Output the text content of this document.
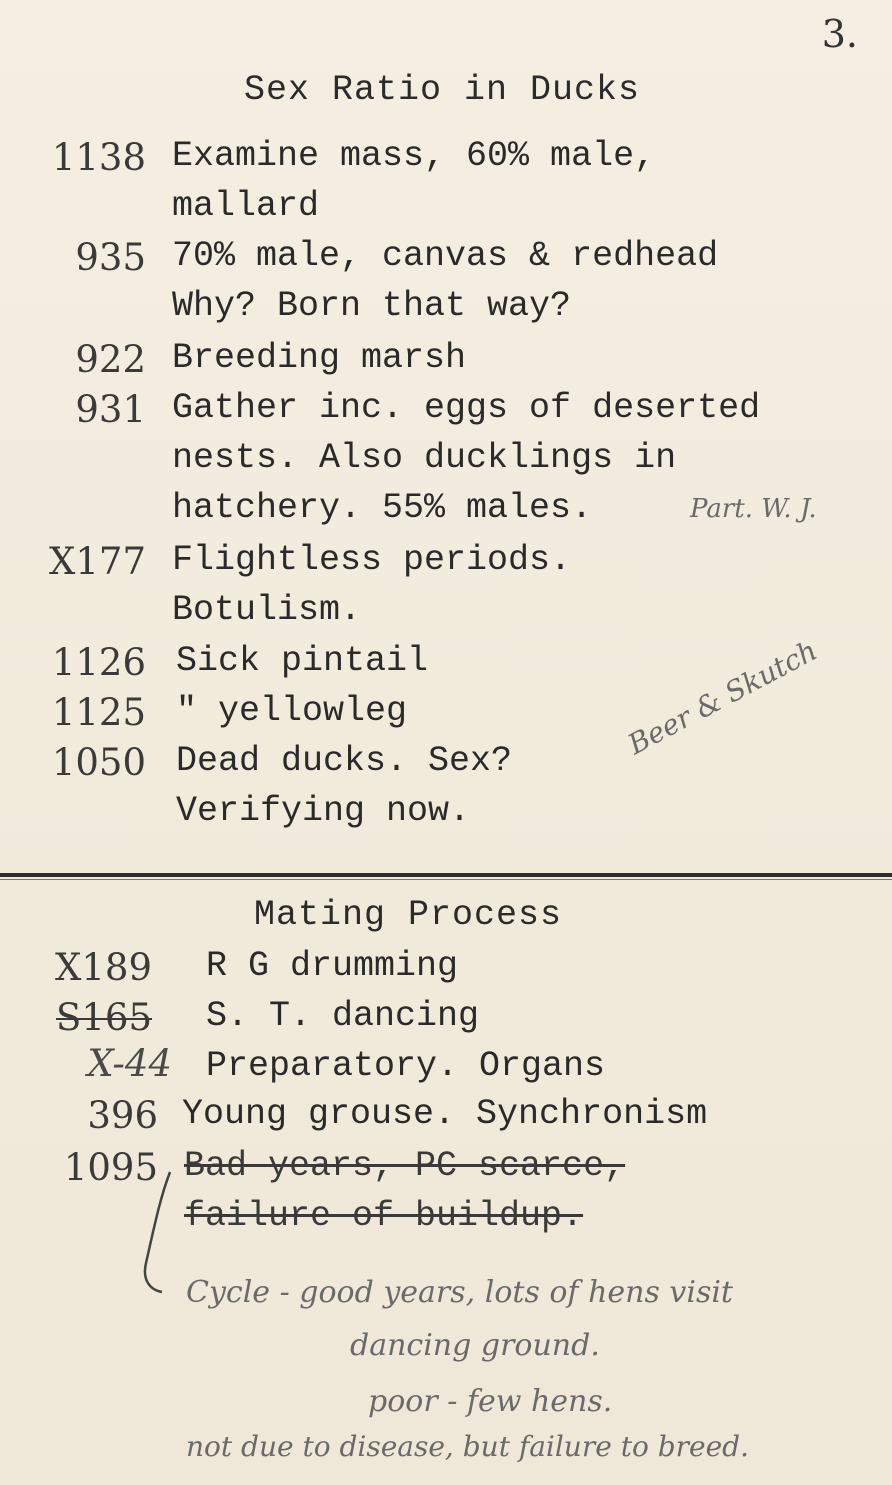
3.
Sex Ratio in Ducks
1138 Examine mass, 60% male,
mallard
935 70% male, canvas & redhead
Why? Born that way?
922 Breeding marsh
931 Gather inc. eggs of deserted
nests. Also ducklings in
hatchery. 55% males.	Part. W. J.
X177 Flightless periods.
Botulism.
1126 Sick pintail
1125 " yellowleg
1050 Dead ducks. Sex?
Verifying now.
Beer & Skutch
Mating Process
X189 R G drumming
S165 S. T. dancing
X-44 Preparatory. Organs
396 Young grouse. Synchronism
1095 Bad years, PC scarce,
failure of buildup.
Cycle - good years, lots of hens visit
dancing ground.
poor - few hens.
not due to disease, but failure to breed.
